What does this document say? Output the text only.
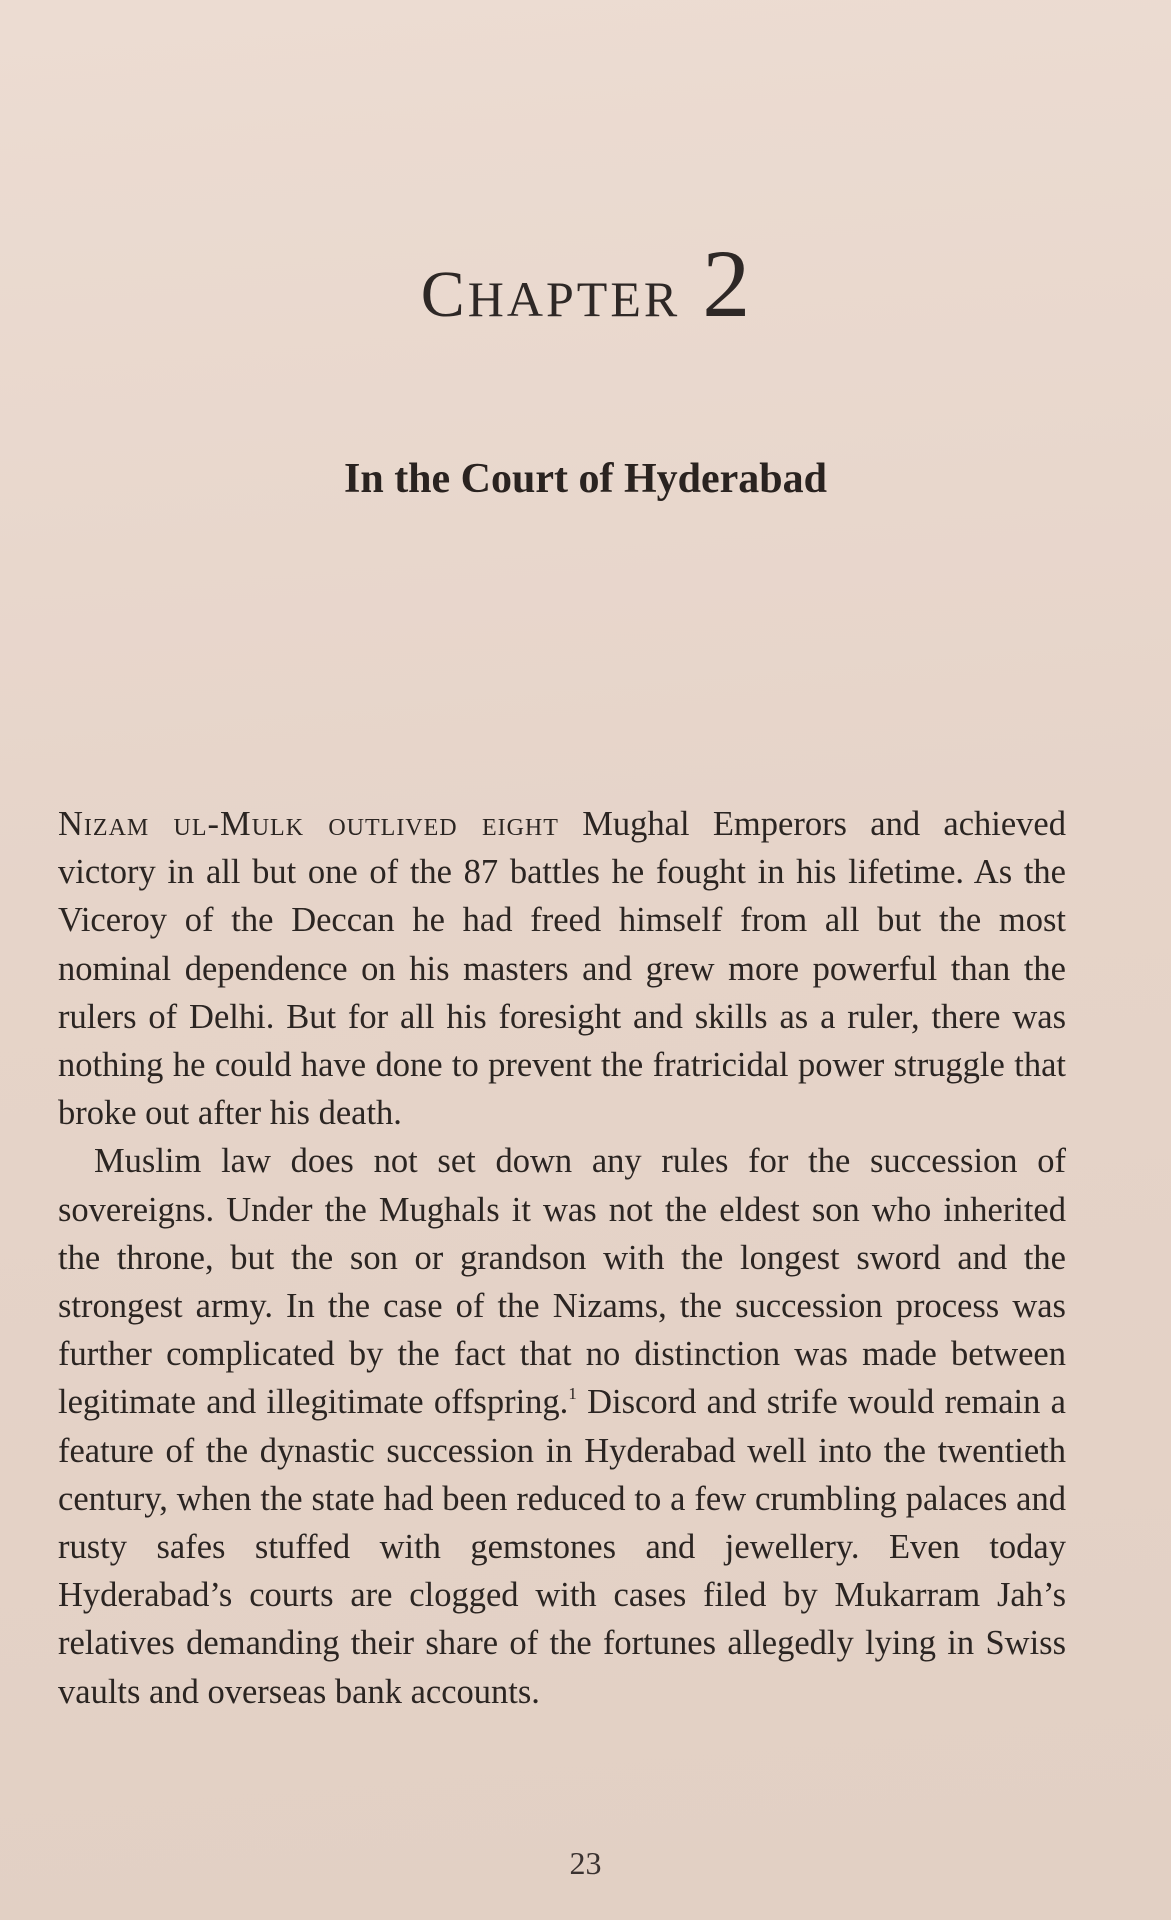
CHAPTER 2
In the Court of Hyderabad

Nizam ul-Mulk outlived eight Mughal Emperors and achieved victory in all but one of the 87 battles he fought in his lifetime. As the Viceroy of the Deccan he had freed himself from all but the most nominal dependence on his masters and grew more powerful than the rulers of Delhi. But for all his foresight and skills as a ruler, there was nothing he could have done to prevent the fratricidal power struggle that broke out after his death.

Muslim law does not set down any rules for the succession of sovereigns. Under the Mughals it was not the eldest son who inherited the throne, but the son or grandson with the longest sword and the strongest army. In the case of the Nizams, the succession process was further complicated by the fact that no distinction was made between legitimate and illegitimate offspring.$^1$ Discord and strife would remain a feature of the dynastic succession in Hyderabad well into the twentieth century, when the state had been reduced to a few crumbling palaces and rusty safes stuffed with gemstones and jewellery. Even today Hyderabad’s courts are clogged with cases filed by Mukarram Jah’s relatives demanding their share of the fortunes allegedly lying in Swiss vaults and overseas bank accounts.

23
